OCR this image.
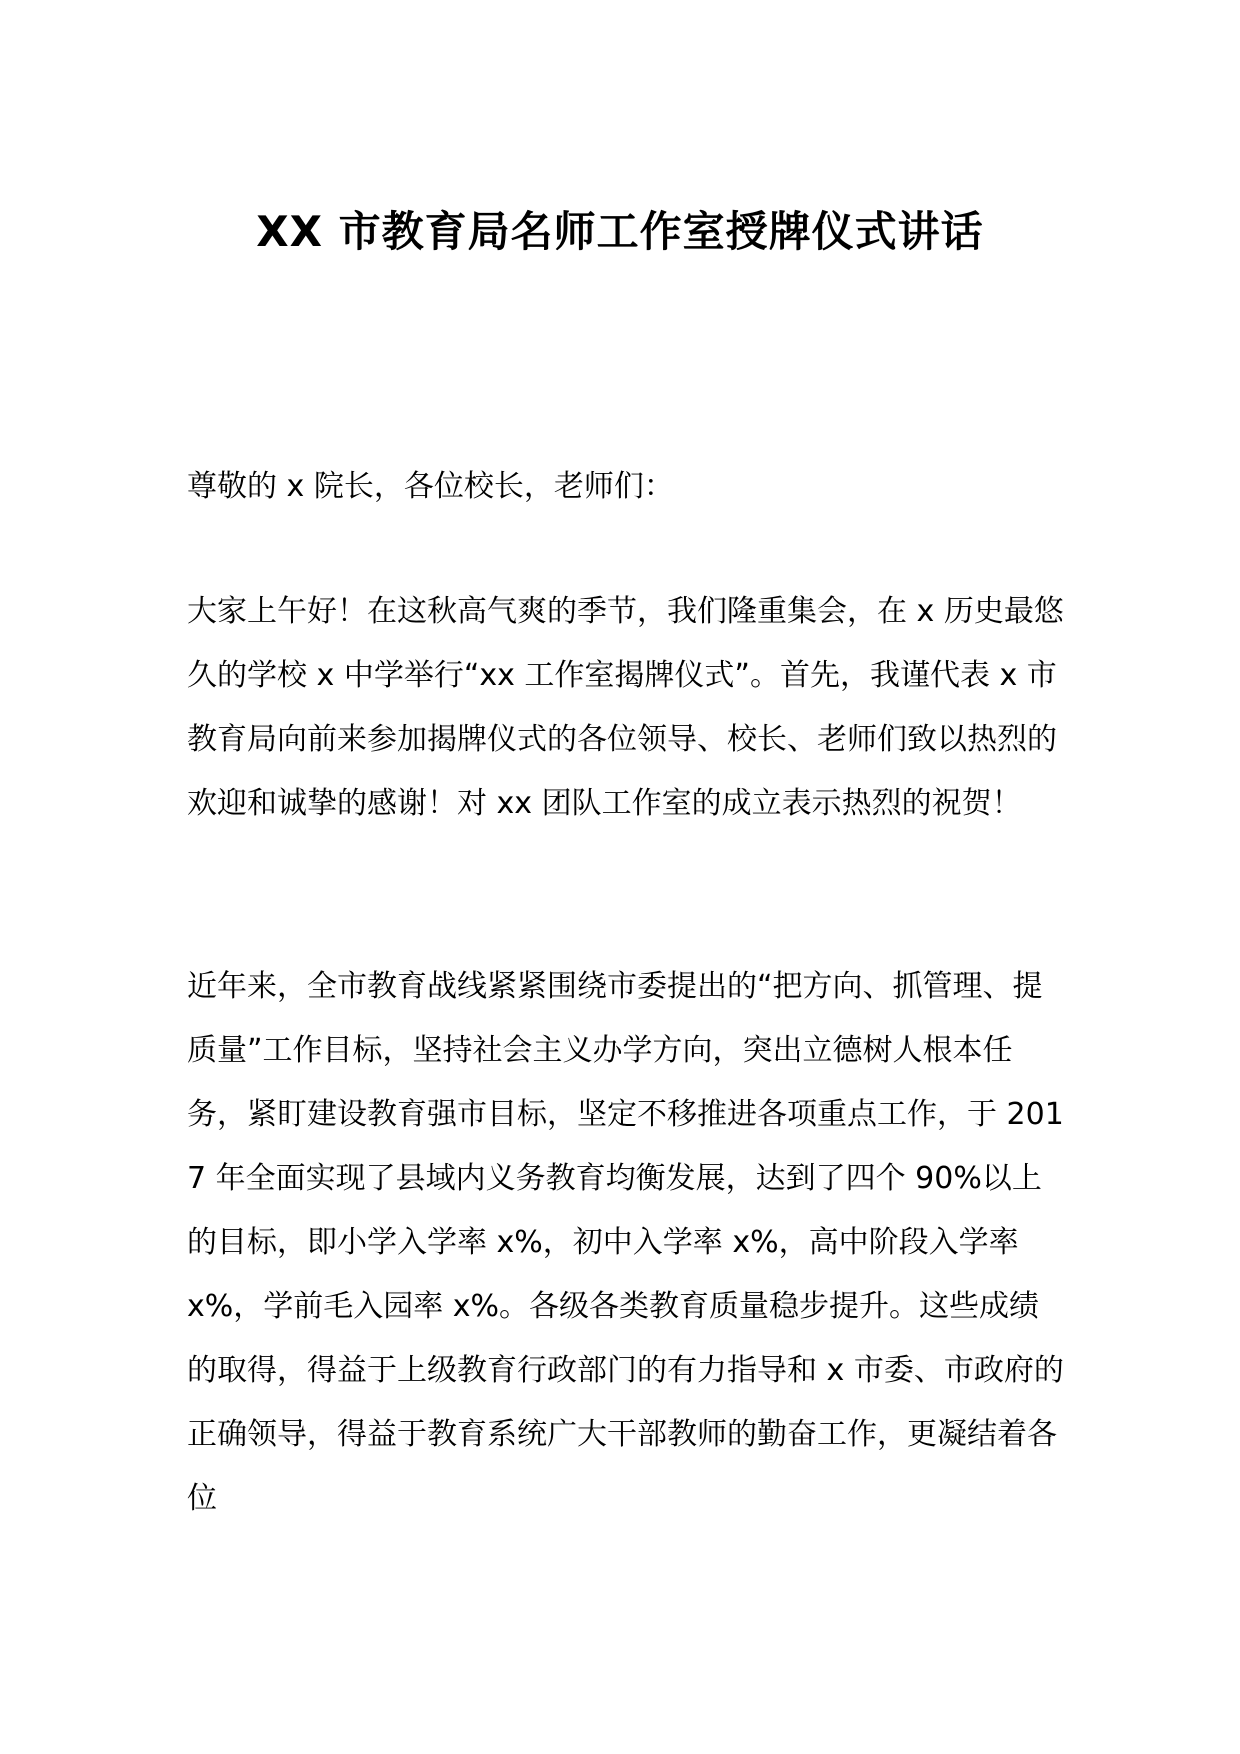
XX 市教育局名师工作室授牌仪式讲话

尊敬的 x 院长，各位校长，老师们：

大家上午好！在这秋高气爽的季节，我们隆重集会，在 x 历史最悠久的学校 x 中学举行“xx 工作室揭牌仪式”。首先，我谨代表 x 市教育局向前来参加揭牌仪式的各位领导、校长、老师们致以热烈的欢迎和诚挚的感谢！对 xx 团队工作室的成立表示热烈的祝贺！

近年来，全市教育战线紧紧围绕市委提出的“把方向、抓管理、提质量”工作目标，坚持社会主义办学方向，突出立德树人根本任务，紧盯建设教育强市目标，坚定不移推进各项重点工作，于 2017 年全面实现了县域内义务教育均衡发展，达到了四个 90%以上的目标，即小学入学率 x%，初中入学率 x%，高中阶段入学率 x%，学前毛入园率 x%。各级各类教育质量稳步提升。这些成绩的取得，得益于上级教育行政部门的有力指导和 x 市委、市政府的正确领导，得益于教育系统广大干部教师的勤奋工作，更凝结着各位
